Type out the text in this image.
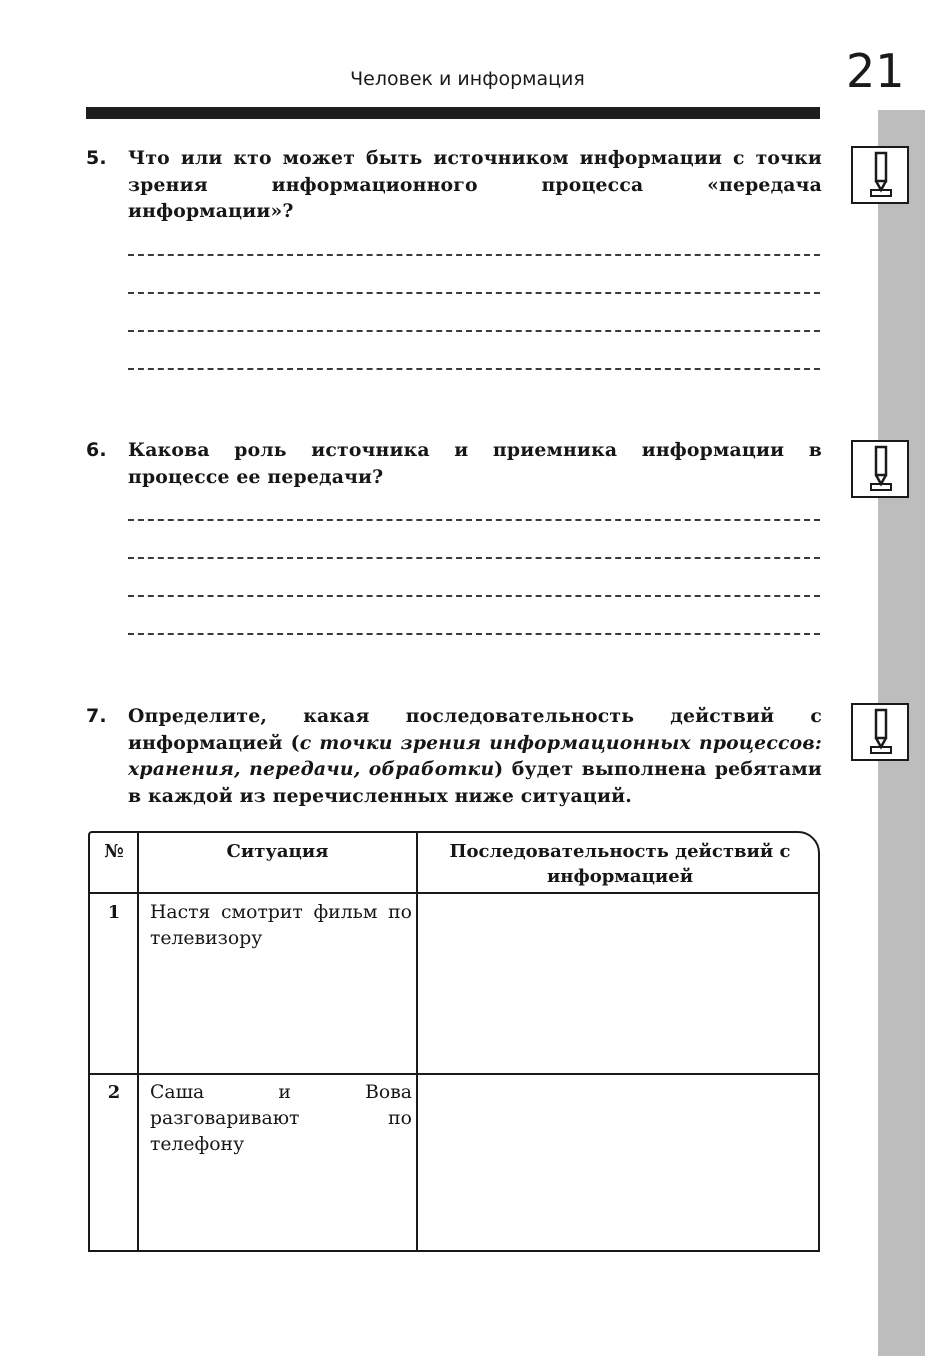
Человек и информация	21
5. Что или кто может быть источником информации с точки зрения информационного процесса «передача информации»?
6. Какова роль источника и приемника информации в процессе ее передачи?
7. Определите, какая последовательность действий с информацией (с точки зрения информационных процессов: хранения, передачи, обработки) будет выполнена ребятами в каждой из перечисленных ниже ситуаций.
№	Ситуация	Последовательность действий с информацией
1	Настя смотрит фильм по телевизору
2	Саша и Вова разговаривают по телефону
